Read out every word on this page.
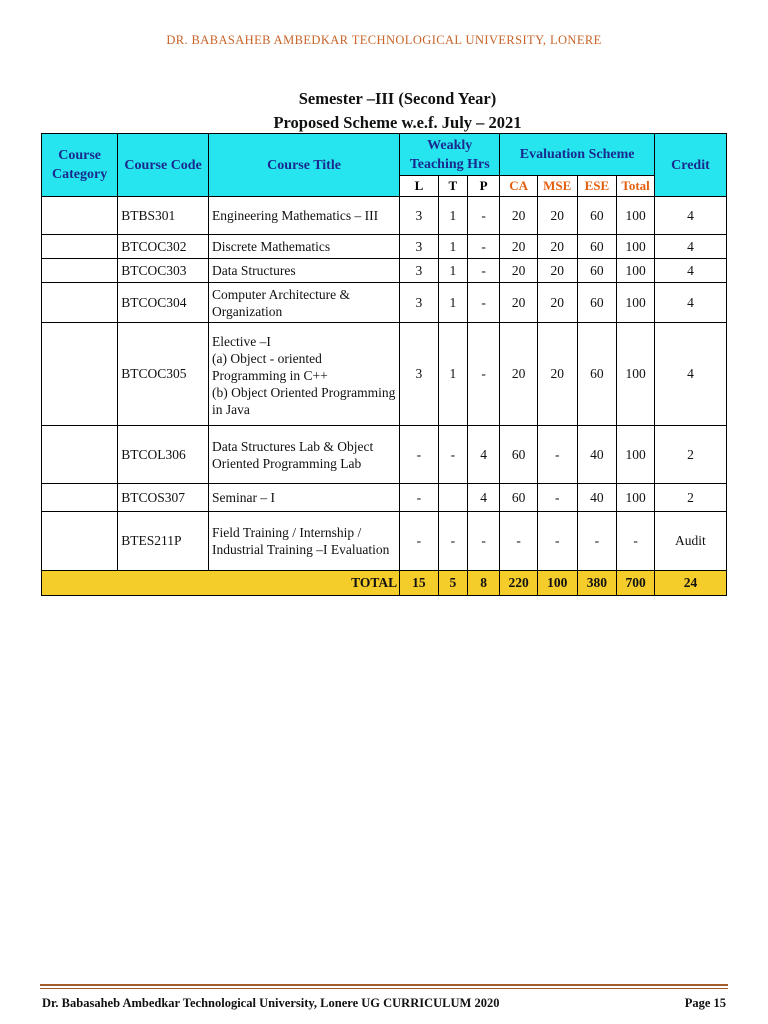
DR. BABASAHEB AMBEDKAR TECHNOLOGICAL UNIVERSITY, LONERE
Semester –III (Second Year)
Proposed Scheme w.e.f. July – 2021
Course Category	Course Code	Course Title	Weakly Teaching Hrs			Evaluation Scheme				Credit
			L	T	P	CA	MSE	ESE	Total	
	BTBS301	Engineering Mathematics – III	3	1	-	20	20	60	100	4
	BTCOC302	Discrete Mathematics	3	1	-	20	20	60	100	4
	BTCOC303	Data Structures	3	1	-	20	20	60	100	4
	BTCOC304	Computer Architecture & Organization	3	1	-	20	20	60	100	4
	BTCOC305	Elective –I
(a) Object - oriented Programming in C++
(b) Object Oriented Programming in Java	3	1	-	20	20	60	100	4
	BTCOL306	Data Structures Lab & Object Oriented Programming Lab	-	-	4	60	-	40	100	2
	BTCOS307	Seminar – I	-		4	60	-	40	100	2
	BTES211P	Field Training / Internship / Industrial Training –I Evaluation	-	-	-	-	-	-	-	Audit
TOTAL			15	5	8	220	100	380	700	24
Dr. Babasaheb Ambedkar Technological University, Lonere UG CURRICULUM 2020	Page 15
